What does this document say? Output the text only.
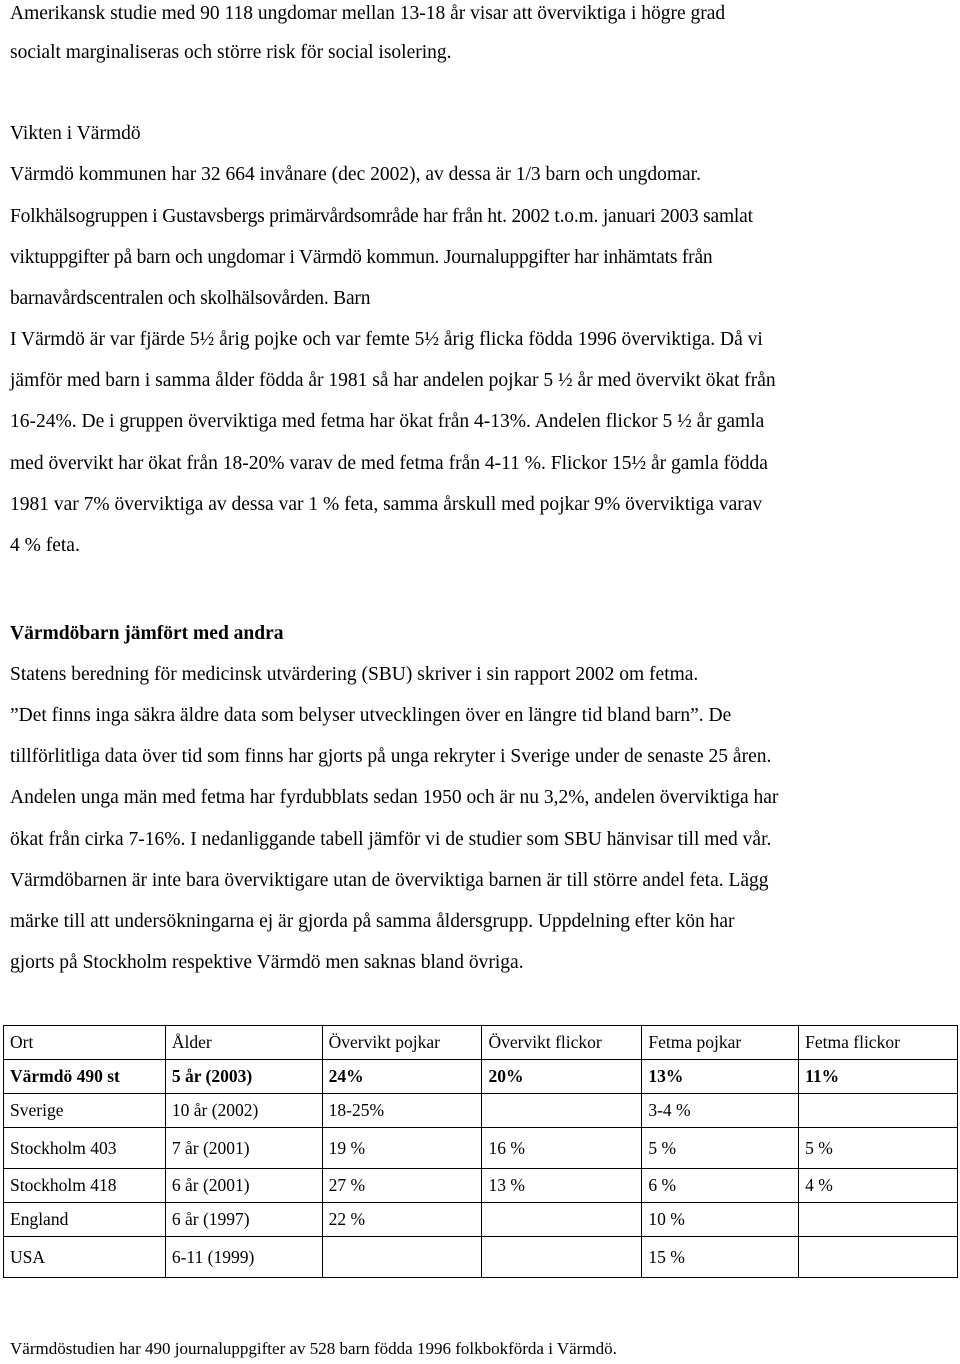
Amerikansk studie med 90 118 ungdomar mellan 13-18 år visar att överviktiga i högre grad
socialt marginaliseras och större risk för social isolering.
Vikten i Värmdö
Värmdö kommunen har 32 664 invånare (dec 2002), av dessa är 1/3 barn och ungdomar.
Folkhälsogruppen i Gustavsbergs primärvårdsområde har från ht. 2002 t.o.m. januari 2003 samlat
viktuppgifter på barn och ungdomar i Värmdö kommun. Journaluppgifter har inhämtats från
barnavårdscentralen och skolhälsovården. Barn
I Värmdö är var fjärde 5½ årig pojke och var femte 5½ årig flicka födda 1996 överviktiga. Då vi
jämför med barn i samma ålder födda år 1981 så har andelen pojkar 5 ½ år med övervikt ökat från
16-24%. De i gruppen överviktiga med fetma har ökat från 4-13%. Andelen flickor 5 ½ år gamla
med övervikt har ökat från 18-20% varav de med fetma från 4-11 %. Flickor 15½ år gamla födda
1981 var 7% överviktiga av dessa var 1 % feta, samma årskull med pojkar 9% överviktiga varav
4 % feta.
Värmdöbarn jämfört med andra
Statens beredning för medicinsk utvärdering (SBU) skriver i sin rapport 2002 om fetma.
”Det finns inga säkra äldre data som belyser utvecklingen över en längre tid bland barn”. De
tillförlitliga data över tid som finns har gjorts på unga rekryter i Sverige under de senaste 25 åren.
Andelen unga män med fetma har fyrdubblats sedan 1950 och är nu 3,2%, andelen överviktiga har
ökat från cirka 7-16%. I nedanliggande tabell jämför vi de studier som SBU hänvisar till med vår.
Värmdöbarnen är inte bara överviktigare utan de överviktiga barnen är till större andel feta. Lägg
märke till att undersökningarna ej är gjorda på samma åldersgrupp. Uppdelning efter kön har
gjorts på Stockholm respektive Värmdö men saknas bland övriga.
Ort	Ålder	Övervikt pojkar	Övervikt flickor	Fetma pojkar	Fetma flickor
Värmdö 490 st	5 år (2003)	24%	20%	13%	11%
Sverige	10 år (2002)	18-25%		3-4 %	
Stockholm 403	7 år (2001)	19 %	16 %	5 %	5 %
Stockholm 418	6 år (2001)	27 %	13 %	6 %	4 %
England	6 år (1997)	22 %		10 %	
USA	6-11 (1999)			15 %	
Värmdöstudien har 490 journaluppgifter av 528 barn födda 1996 folkbokförda i Värmdö.
